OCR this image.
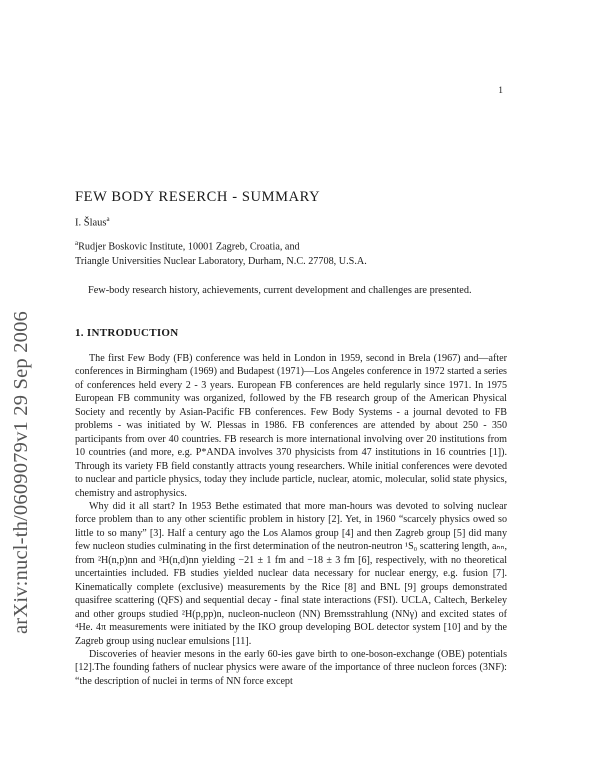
arXiv:nucl-th/0609079v1 29 Sep 2006
1
FEW BODY RESERCH - SUMMARY
I. Šlaus$^a$
$^a$Rudjer Boskovic Institute, 10001 Zagreb, Croatia, and
Triangle Universities Nuclear Laboratory, Durham, N.C. 27708, U.S.A.
Few-body research history, achievements, current development and challenges are presented.
1. INTRODUCTION

The first Few Body (FB) conference was held in London in 1959, second in Brela (1967) and—after conferences in Birmingham (1969) and Budapest (1971)—Los Angeles conference in 1972 started a series of conferences held every 2 - 3 years. European FB conferences are held regularly since 1971. In 1975 European FB community was organized, followed by the FB research group of the American Physical Society and recently by Asian-Pacific FB conferences. Few Body Systems - a journal devoted to FB problems - was initiated by W. Plessas in 1986. FB conferences are attended by about 250 - 350 participants from over 40 countries. FB research is more international involving over 20 institutions from 10 countries (and more, e.g. P*ANDA involves 370 physicists from 47 institutions in 16 countries [1]). Through its variety FB field constantly attracts young researchers. While initial conferences were devoted to nuclear and particle physics, today they include particle, nuclear, atomic, molecular, solid state physics, chemistry and astrophysics.

Why did it all start? In 1953 Bethe estimated that more man-hours was devoted to solving nuclear force problem than to any other scientific problem in history [2]. Yet, in 1960 “scarcely physics owed so little to so many” [3]. Half a century ago the Los Alamos group [4] and then Zagreb group [5] did many few nucleon studies culminating in the first determination of the neutron-neutron ¹S₀ scattering length, aₙₙ, from ²H(n,p)nn and ³H(n,d)nn yielding −21 ± 1 fm and −18 ± 3 fm [6], respectively, with no theoretical uncertainties included. FB studies yielded nuclear data necessary for nuclear energy, e.g. fusion [7]. Kinematically complete (exclusive) measurements by the Rice [8] and BNL [9] groups demonstrated quasifree scattering (QFS) and sequential decay - final state interactions (FSI). UCLA, Caltech, Berkeley and other groups studied ²H(p,pp)n, nucleon-nucleon (NN) Bremsstrahlung (NNγ) and excited states of ⁴He. 4π measurements were initiated by the IKO group developing BOL detector system [10] and by the Zagreb group using nuclear emulsions [11].

Discoveries of heavier mesons in the early 60-ies gave birth to one-boson-exchange (OBE) potentials [12].The founding fathers of nuclear physics were aware of the importance of three nucleon forces (3NF): “the description of nuclei in terms of NN force except
